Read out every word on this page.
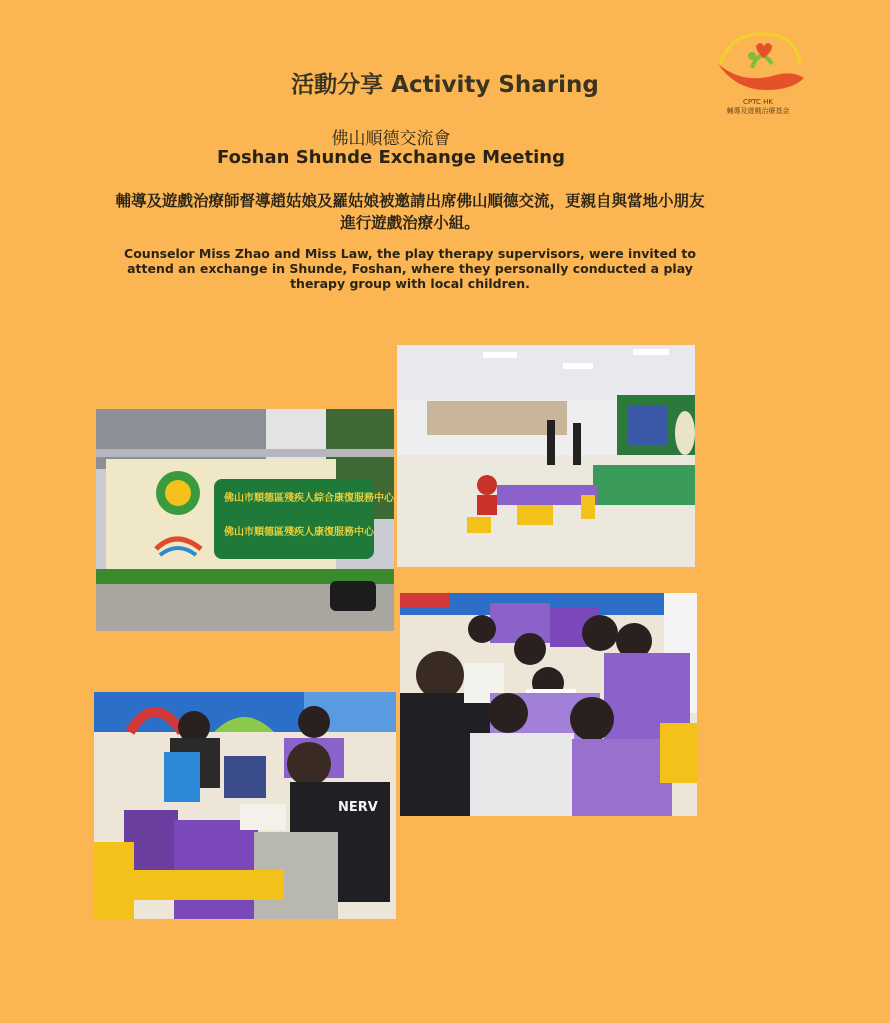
活動分享 Activity Sharing
佛山順德交流會
Foshan Shunde Exchange Meeting
輔導及遊戲治療師督導趙姑娘及羅姑娘被邀請出席佛山順德交流，更親自與當地小朋友進行遊戲治療小組。
Counselor Miss Zhao and Miss Law, the play therapy supervisors, were invited to attend an exchange in Shunde, Foshan, where they personally conducted a play therapy group with local children.
CPTC HK
輔導及遊戲治療基金
佛山市順德區殘疾人綜合康復服務中心
佛山市順德區殘疾人康復服務中心
NERV
